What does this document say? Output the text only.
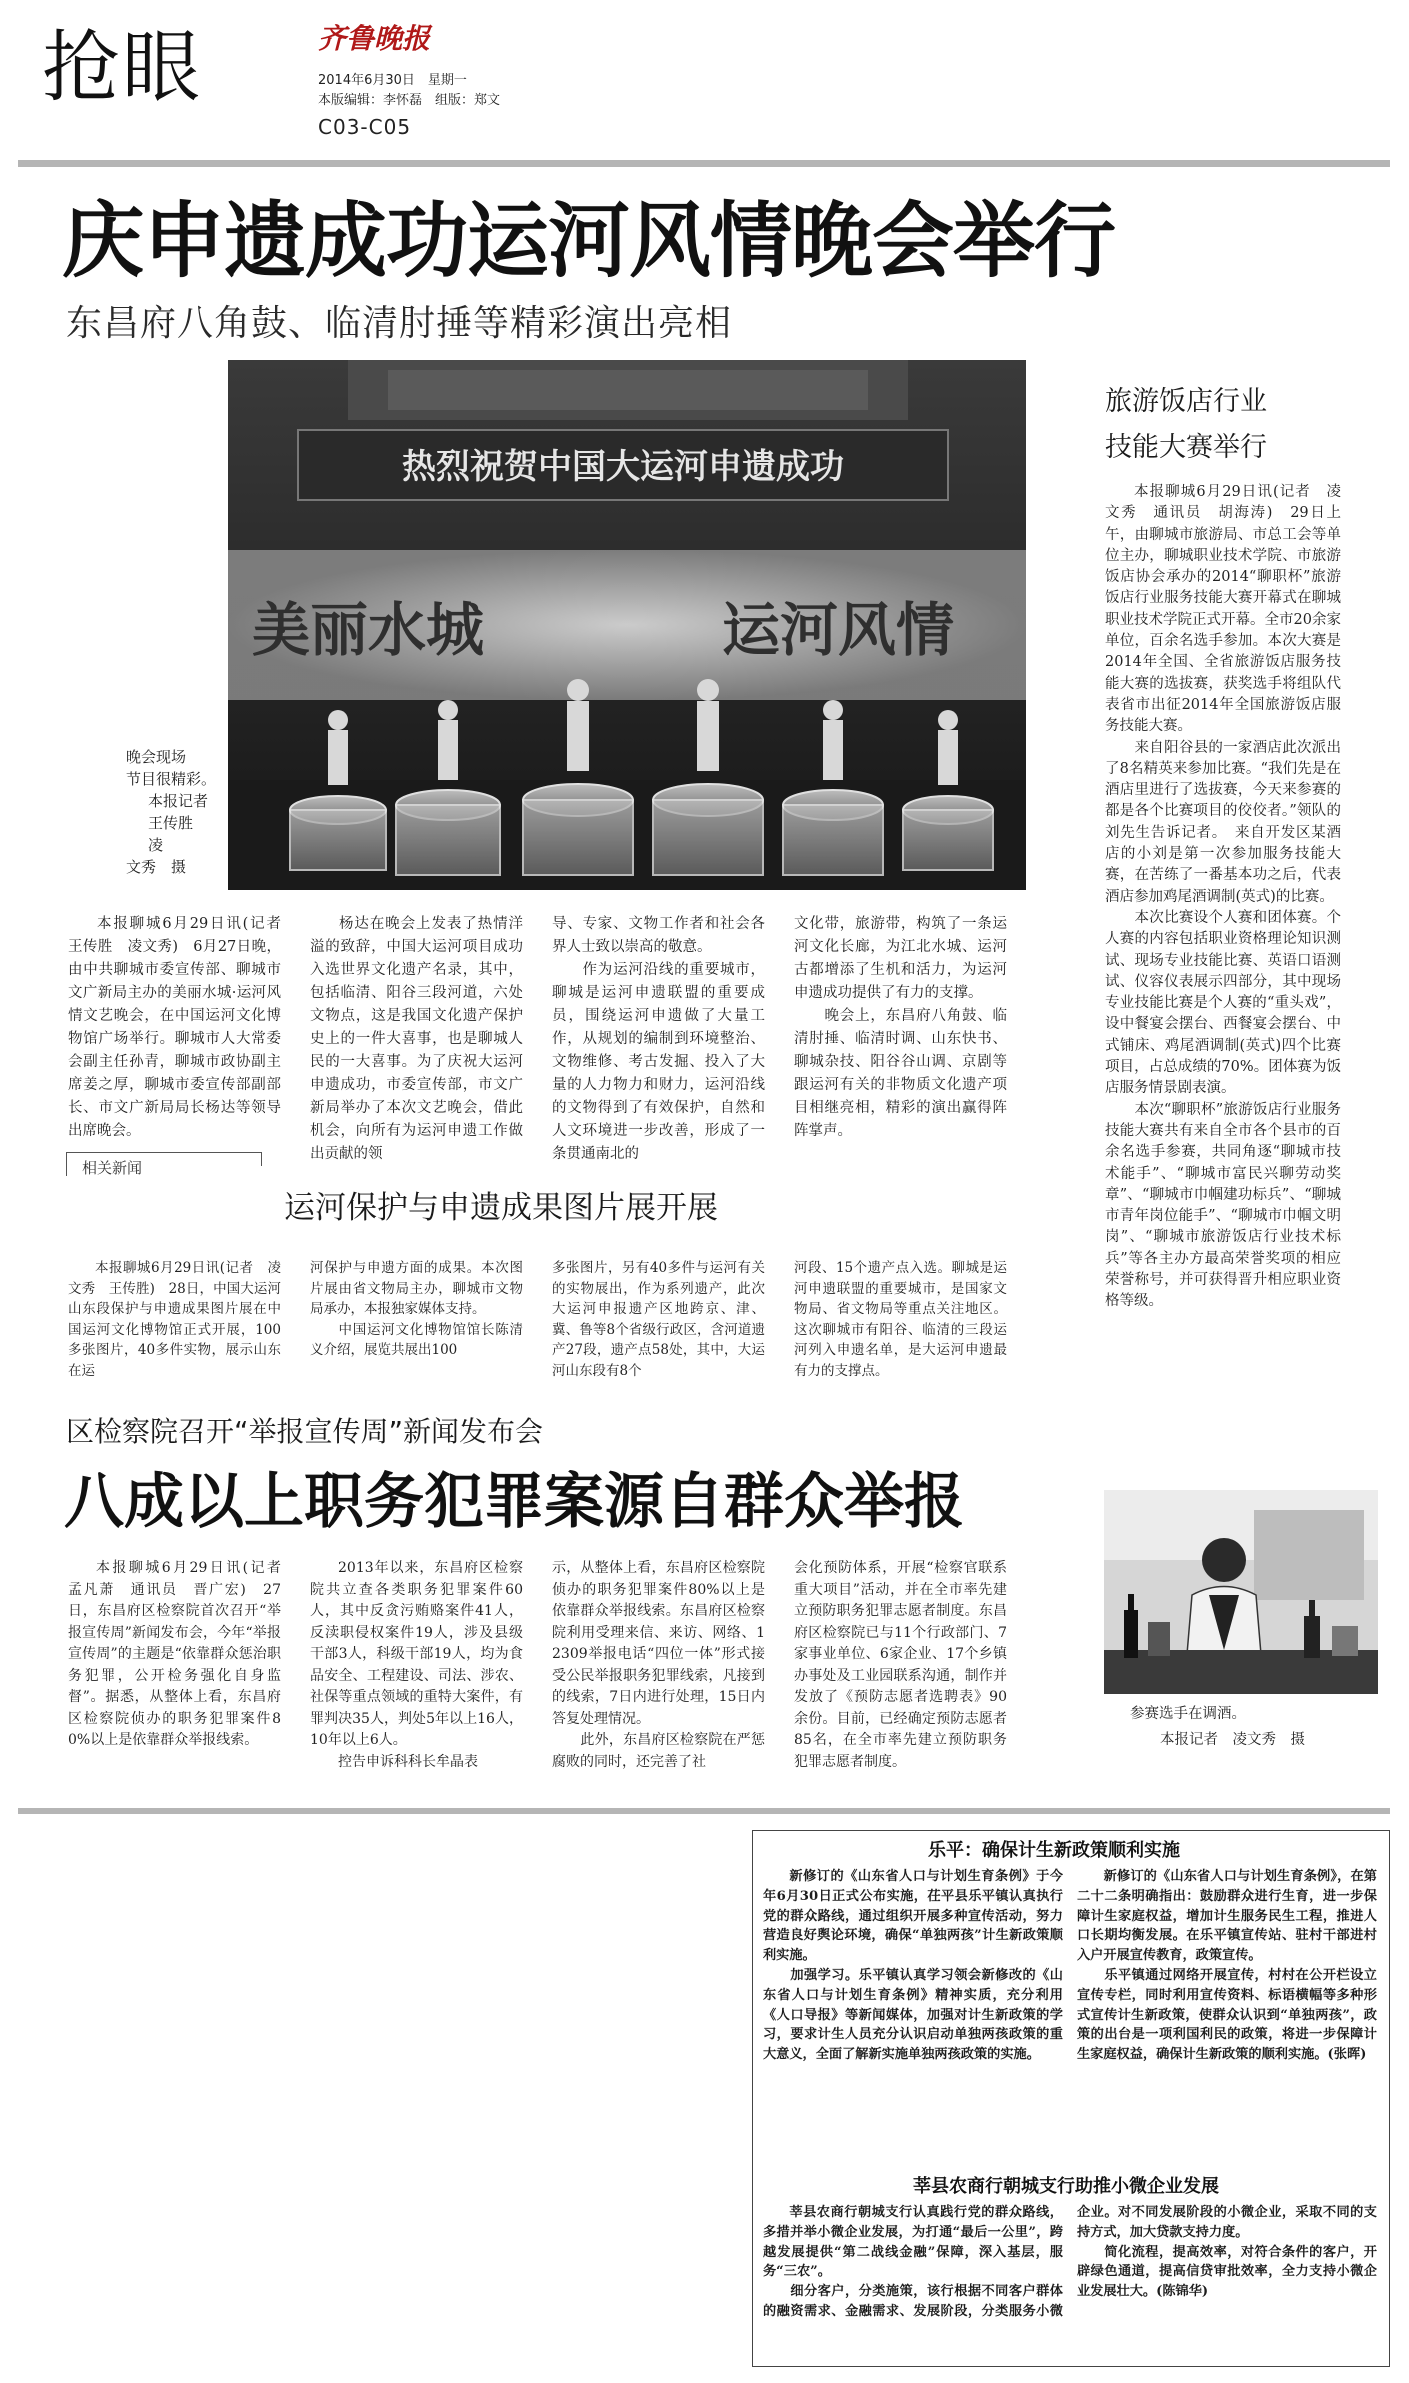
抢眼	齐鲁晚报
2014年6月30日　星期一
本版编辑：李怀磊　组版：郑文
C03-C05
庆申遗成功运河风情晚会举行
东昌府八角鼓、临清肘捶等精彩演出亮相
热烈祝贺中国大运河申遗成功
美丽水城	运河风情
晚会现场
节目很精彩。
本报记者
王传胜　凌
文秀　摄
本报聊城6月29日讯(记者　王传胜　凌文秀)　6月27日晚，由中共聊城市委宣传部、聊城市文广新局主办的美丽水城·运河风情文艺晚会，在中国运河文化博物馆广场举行。聊城市人大常委会副主任孙青，聊城市政协副主席姜之厚，聊城市委宣传部副部长、市文广新局局长杨达等领导出席晚会。
杨达在晚会上发表了热情洋溢的致辞，中国大运河项目成功入选世界文化遗产名录，其中，包括临清、阳谷三段河道，六处文物点，这是我国文化遗产保护史上的一件大喜事，也是聊城人民的一大喜事。为了庆祝大运河申遗成功，市委宣传部，市文广新局举办了本次文艺晚会，借此机会，向所有为运河申遗工作做出贡献的领
导、专家、文物工作者和社会各界人士致以崇高的敬意。
　　作为运河沿线的重要城市，聊城是运河申遗联盟的重要成员，围绕运河申遗做了大量工作，从规划的编制到环境整治、文物维修、考古发掘、投入了大量的人力物力和财力，运河沿线的文物得到了有效保护，自然和人文环境进一步改善，形成了一条贯通南北的
文化带，旅游带，构筑了一条运河文化长廊，为江北水城、运河古都增添了生机和活力，为运河申遗成功提供了有力的支撑。
　　晚会上，东昌府八角鼓、临清肘捶、临清时调、山东快书、聊城杂技、阳谷谷山调、京剧等跟运河有关的非物质文化遗产项目相继亮相，精彩的演出赢得阵阵掌声。
相关新闻
运河保护与申遗成果图片展开展
本报聊城6月29日讯(记者　凌文秀　王传胜)　28日，中国大运河山东段保护与申遗成果图片展在中国运河文化博物馆正式开展，100多张图片，40多件实物，展示山东在运
河保护与申遗方面的成果。本次图片展由省文物局主办，聊城市文物局承办，本报独家媒体支持。
　　中国运河文化博物馆馆长陈清义介绍，展览共展出100
多张图片，另有40多件与运河有关的实物展出，作为系列遗产，此次大运河申报遗产区地跨京、津、冀、鲁等8个省级行政区，含河道遗产27段，遗产点58处，其中，大运河山东段有8个
河段、15个遗产点入选。聊城是运河申遗联盟的重要城市，是国家文物局、省文物局等重点关注地区。这次聊城市有阳谷、临清的三段运河列入申遗名单，是大运河申遗最有力的支撑点。
区检察院召开“举报宣传周”新闻发布会
八成以上职务犯罪案源自群众举报
本报聊城6月29日讯(记者　孟凡萧　通讯员　晋广宏)　27日，东昌府区检察院首次召开“举报宣传周”新闻发布会，今年“举报宣传周”的主题是“依靠群众惩治职务犯罪，公开检务强化自身监督”。据悉，从整体上看，东昌府区检察院侦办的职务犯罪案件80%以上是依靠群众举报线索。
2013年以来，东昌府区检察院共立查各类职务犯罪案件60人，其中反贪污贿赂案件41人，反渎职侵权案件19人，涉及县级干部3人，科级干部19人，均为食品安全、工程建设、司法、涉农、社保等重点领域的重特大案件，有罪判决35人，判处5年以上16人，10年以上6人。
　　控告申诉科科长牟晶表
示，从整体上看，东昌府区检察院侦办的职务犯罪案件80%以上是依靠群众举报线索。东昌府区检察院利用受理来信、来访、网络、12309举报电话“四位一体”形式接受公民举报职务犯罪线索，凡接到的线索，7日内进行处理，15日内答复处理情况。
　　此外，东昌府区检察院在严惩腐败的同时，还完善了社
会化预防体系，开展“检察官联系重大项目”活动，并在全市率先建立预防职务犯罪志愿者制度。东昌府区检察院已与11个行政部门、7家事业单位、6家企业、17个乡镇办事处及工业园联系沟通，制作并发放了《预防志愿者选聘表》90余份。目前，已经确定预防志愿者85名，在全市率先建立预防职务犯罪志愿者制度。
旅游饭店行业
技能大赛举行
本报聊城6月29日讯(记者　凌文秀　通讯员　胡海涛)　29日上午，由聊城市旅游局、市总工会等单位主办，聊城职业技术学院、市旅游饭店协会承办的2014“聊职杯”旅游饭店行业服务技能大赛开幕式在聊城职业技术学院正式开幕。全市20余家单位，百余名选手参加。本次大赛是2014年全国、全省旅游饭店服务技能大赛的选拔赛，获奖选手将组队代表省市出征2014年全国旅游饭店服务技能大赛。
　　来自阳谷县的一家酒店此次派出了8名精英来参加比赛。“我们先是在酒店里进行了选拔赛，今天来参赛的都是各个比赛项目的佼佼者。”领队的刘先生告诉记者。　来自开发区某酒店的小刘是第一次参加服务技能大赛，在苦练了一番基本功之后，代表酒店参加鸡尾酒调制(英式)的比赛。
　　本次比赛设个人赛和团体赛。个人赛的内容包括职业资格理论知识测试、现场专业技能比赛、英语口语测试、仪容仪表展示四部分，其中现场专业技能比赛是个人赛的“重头戏”，设中餐宴会摆台、西餐宴会摆台、中式铺床、鸡尾酒调制(英式)四个比赛项目，占总成绩的70%。团体赛为饭店服务情景剧表演。
　　本次“聊职杯”旅游饭店行业服务技能大赛共有来自全市各个县市的百余名选手参赛，共同角逐“聊城市技术能手”、“聊城市富民兴聊劳动奖章”、“聊城市巾帼建功标兵”、“聊城市青年岗位能手”、“聊城市巾帼文明岗”、“聊城市旅游饭店行业技术标兵”等各主办方最高荣誉奖项的相应荣誉称号，并可获得晋升相应职业资格等级。
参赛选手在调酒。
本报记者　凌文秀　摄
乐平：确保计生新政策顺利实施
新修订的《山东省人口与计划生育条例》于今年6月30日正式公布实施，茌平县乐平镇认真执行党的群众路线，通过组织开展多种宣传活动，努力营造良好舆论环境，确保“单独两孩”计生新政策顺利实施。
　　加强学习。乐平镇认真学习领会新修改的《山东省人口与计划生育条例》精神实质，充分利用《人口导报》等新闻媒体，加强对计生新政策的学习，要求计生人员充分认识启动单独两孩政策的重大意义，全面了解新实施单独两孩政策的实施。
　　新修订的《山东省人口与计划生育条例》，在第二十二条明确指出：鼓励群众进行生育，进一步保障计生家庭权益，增加计生服务民生工程，推进人口长期均衡发展。在乐平镇宣传站、驻村干部进村入户开展宣传教育，政策宣传。
　　乐平镇通过网络开展宣传，村村在公开栏设立宣传专栏，同时利用宣传资料、标语横幅等多种形式宣传计生新政策，使群众认识到“单独两孩”，政策的出台是一项利国利民的政策，将进一步保障计生家庭权益，确保计生新政策的顺利实施。(张晖)
莘县农商行朝城支行助推小微企业发展
莘县农商行朝城支行认真践行党的群众路线，多措并举小微企业发展，为打通“最后一公里”，跨越发展提供“第二战线金融”保障，深入基层，服务“三农”。
　　细分客户，分类施策，该行根据不同客户群体的融资需求、金融需求、发展阶段，分类服务小微企业。对不同发展阶段的小微企业，采取不同的支持方式，加大贷款支持力度。
　　简化流程，提高效率，对符合条件的客户，开辟绿色通道，提高信贷审批效率，全力支持小微企业发展壮大。(陈锦华)
